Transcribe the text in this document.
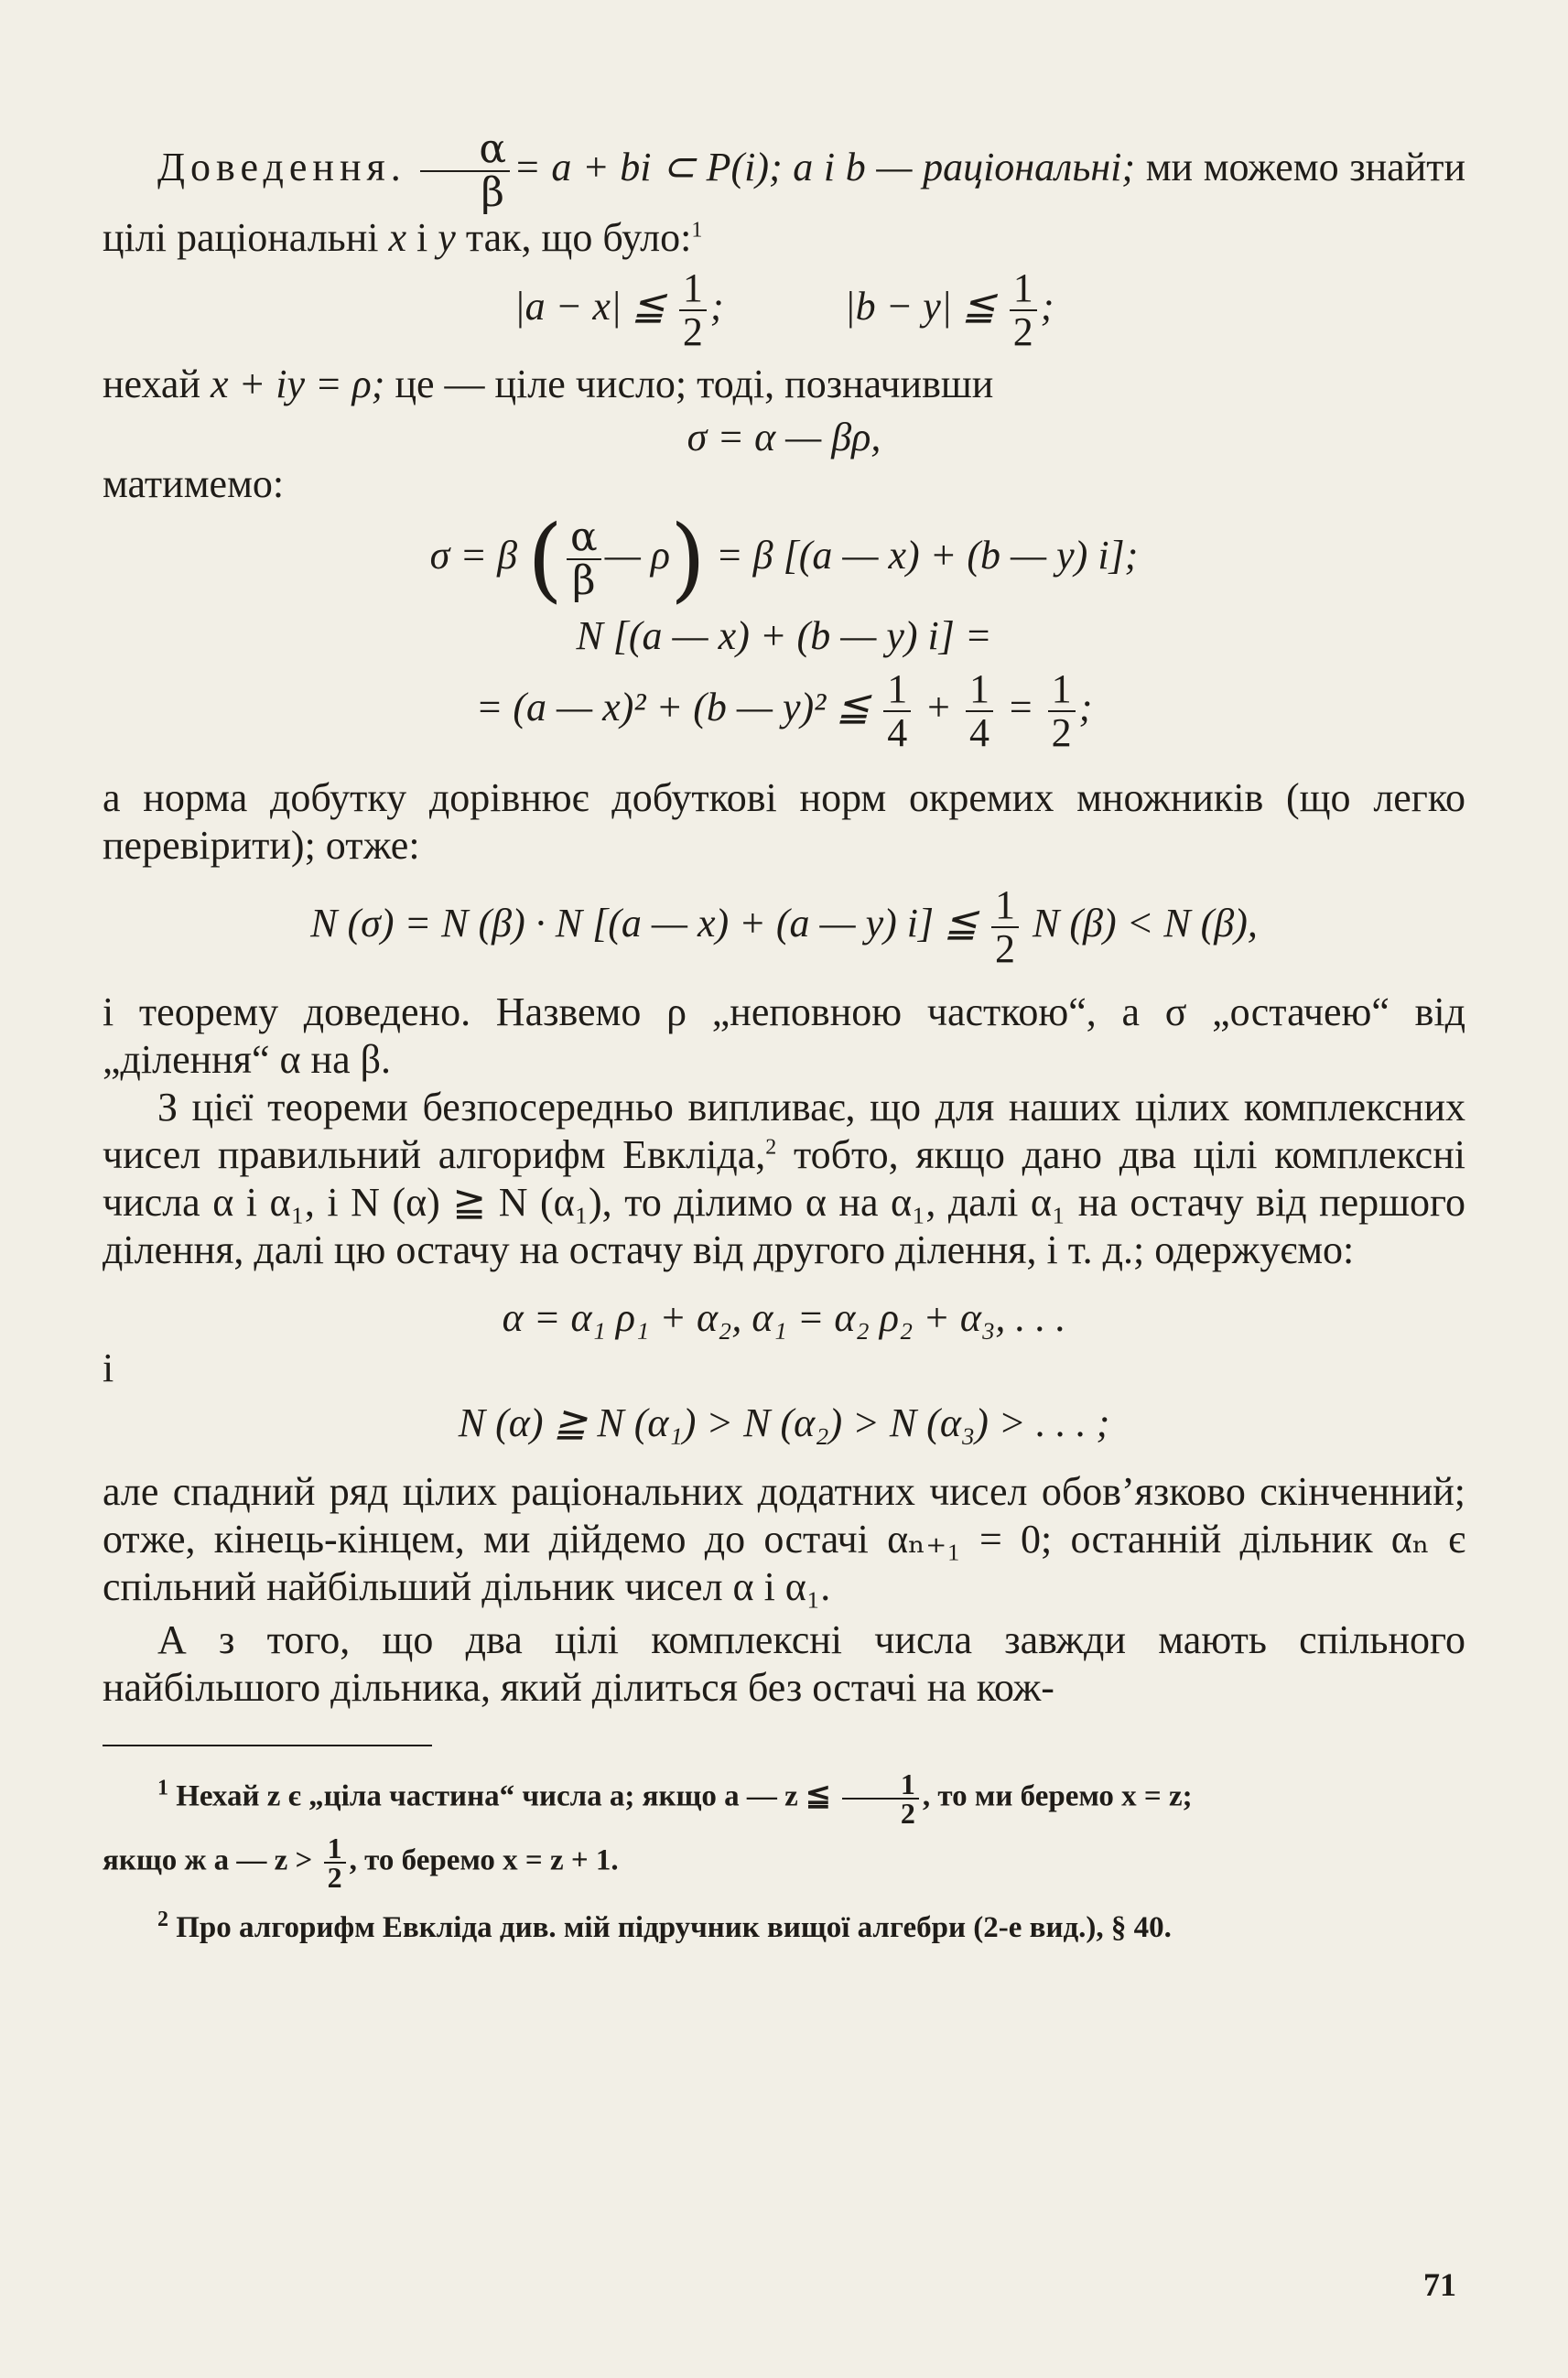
Доведення. $\frac{\alpha}{\beta} = a$ + bi ⊂ P(i); a і b — раціональні; ми можемо знайти цілі раціональні x і y так, що було:$^1$

|a − x| ≦ $\frac{1}{2}$ ;	|b − y| ≦ $\frac{1}{2}$ ;

нехай x + iy = ρ; це — ціле число; тоді, позначивши

σ = α — βρ,

матимемо:

σ = β ( $\frac{\alpha}{\beta}$ — ρ) = β [(a — x) + (b — y) i];

N [(a — x) + (b — y) i] =

= (a — x)² + (b — y)² ≦ $\frac{1}{4} + \frac{1}{4} = \frac{1}{2}$ ;

а норма добутку дорівнює добуткові норм окремих множників (що легко перевірити); отже:

N (σ) = N (β) · N [(a — x) + (a — y) i] ≦ $\frac{1}{2}$ N (β) < N (β),

і теорему доведено. Назвемо ρ „неповною часткою“, а σ „остачею“ від „ділення“ α на β.

З цієї теореми безпосередньо випливає, що для наших цілих комплексних чисел правильний алгорифм Евкліда,$^2$ тобто, якщо дано два цілі комплексні числа α і α₁, і N (α) ≧ N (α₁), то ділимо α на α₁, далі α₁ на остачу від першого ділення, далі цю остачу на остачу від другого ділення, і т. д.; одержуємо:

α = α₁ ρ₁ + α₂, α₁ = α₂ ρ₂ + α₃, . . .

і

N (α) ≧ N (α₁) > N (α₂) > N (α₃) > . . . ;

але спадний ряд цілих раціональних додатних чисел обов’язково скінченний; отже, кінець-кінцем, ми дійдемо до остачі αₙ₊₁ = 0; останній дільник αₙ є спільний найбільший дільник чисел α і α₁.

А з того, що два цілі комплексні числа завжди мають спільного найбільшого дільника, який ділиться без остачі на кож-

$^1$ Нехай z є „ціла частина“ числа a; якщо a — z ≦ $\frac{1}{2}$ , то ми беремо x = z;

якщо ж a — $z > \frac{1}{2}$ , то беремо x = z + 1.

$^2$ Про алгорифм Евкліда див. мій підручник вищої алгебри (2-е вид.), § 40.

71
